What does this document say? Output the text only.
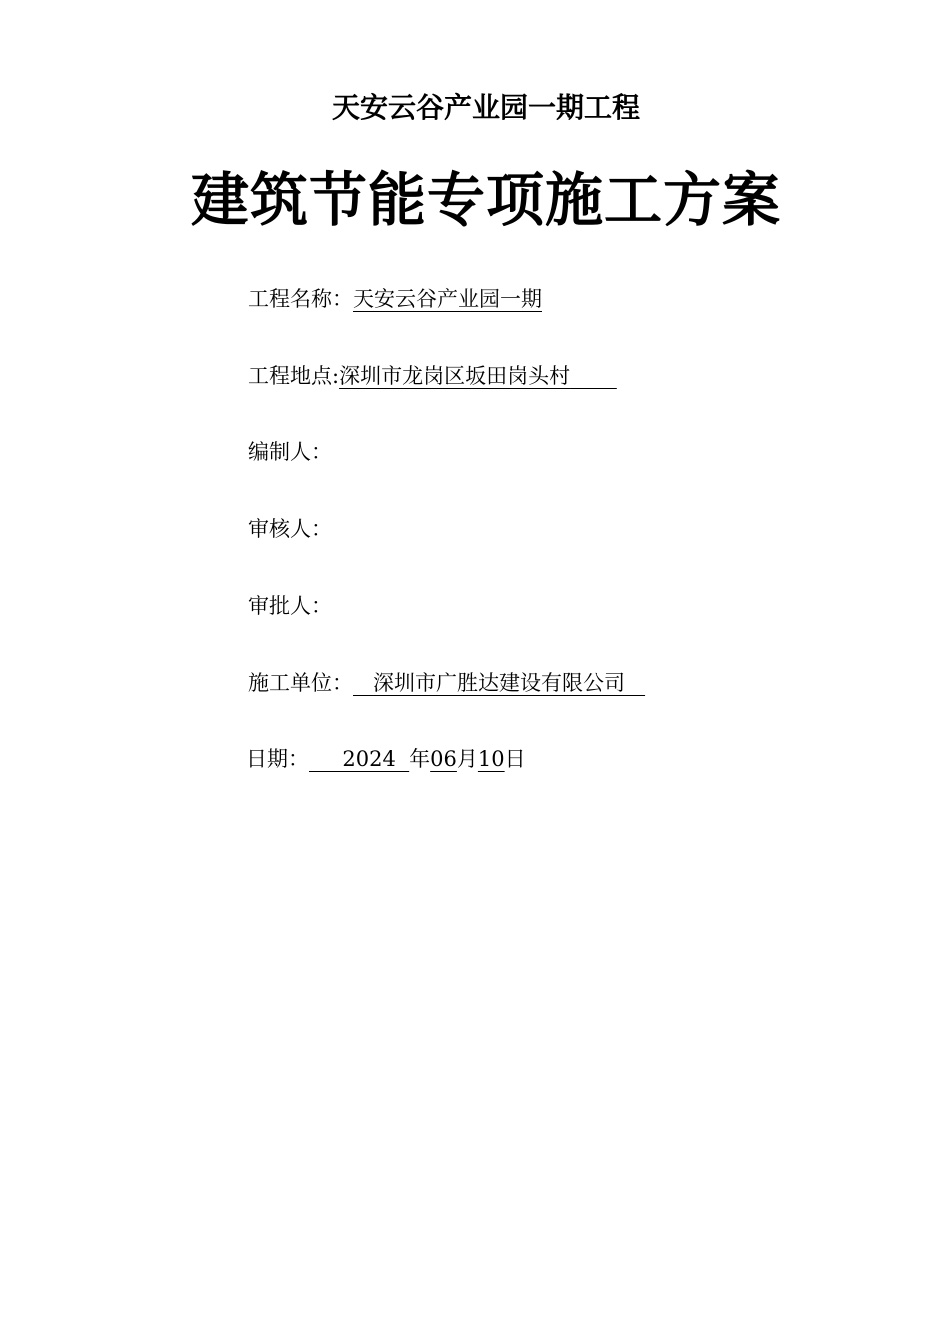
天安云谷产业园一期工程
建筑节能专项施工方案
工程名称：天安云谷产业园一期
工程地点:深圳市龙岗区坂田岗头村
编制人：
审核人：
审批人：
施工单位： 深圳市广胜达建设有限公司
日期：     2024  年06月10日
